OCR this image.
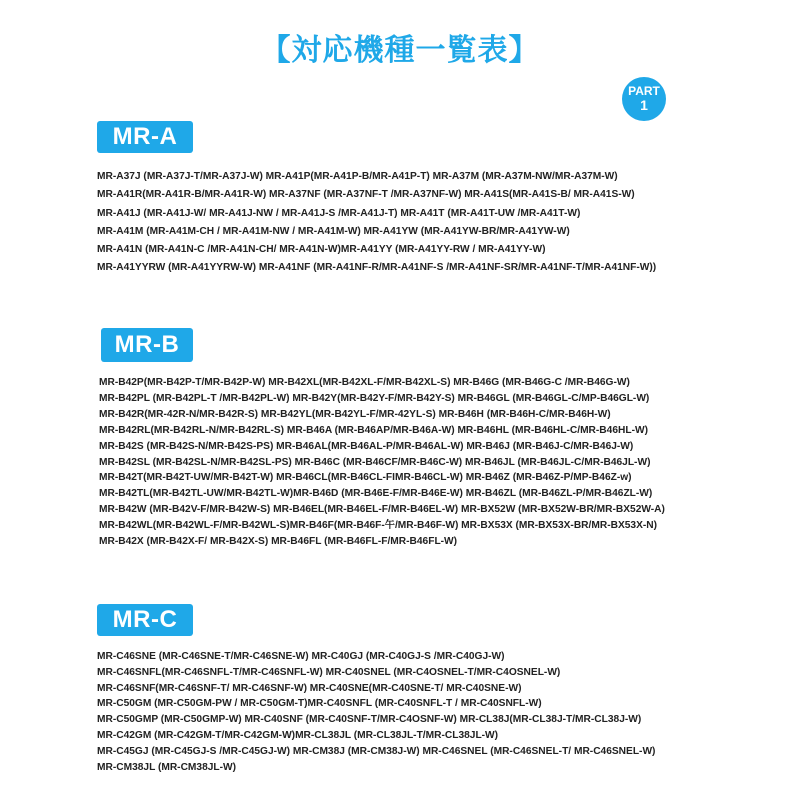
【対応機種一覧表】
PART
1
MR-A
MR-A37J (MR-A37J-T/MR-A37J-W) MR-A41P(MR-A41P-B/MR-A41P-T) MR-A37M (MR-A37M-NW/MR-A37M-W)
MR-A41R(MR-A41R-B/MR-A41R-W) MR-A37NF (MR-A37NF-T /MR-A37NF-W) MR-A41S(MR-A41S-B/ MR-A41S-W)
MR-A41J (MR-A41J-W/ MR-A41J-NW / MR-A41J-S /MR-A41J-T) MR-A41T (MR-A41T-UW /MR-A41T-W)
MR-A41M (MR-A41M-CH / MR-A41M-NW / MR-A41M-W) MR-A41YW (MR-A41YW-BR/MR-A41YW-W)
MR-A41N (MR-A41N-C /MR-A41N-CH/ MR-A41N-W)MR-A41YY (MR-A41YY-RW / MR-A41YY-W)
MR-A41YYRW (MR-A41YYRW-W) MR-A41NF (MR-A41NF-R/MR-A41NF-S /MR-A41NF-SR/MR-A41NF-T/MR-A41NF-W))
MR-B
MR-B42P(MR-B42P-T/MR-B42P-W) MR-B42XL(MR-B42XL-F/MR-B42XL-S) MR-B46G (MR-B46G-C /MR-B46G-W)
MR-B42PL (MR-B42PL-T /MR-B42PL-W) MR-B42Y(MR-B42Y-F/MR-B42Y-S) MR-B46GL (MR-B46GL-C/MP-B46GL-W)
MR-B42R(MR-42R-N/MR-B42R-S) MR-B42YL(MR-B42YL-F/MR-42YL-S) MR-B46H (MR-B46H-C/MR-B46H-W)
MR-B42RL(MR-B42RL-N/MR-B42RL-S) MR-B46A (MR-B46AP/MR-B46A-W) MR-B46HL (MR-B46HL-C/MR-B46HL-W)
MR-B42S (MR-B42S-N/MR-B42S-PS) MR-B46AL(MR-B46AL-P/MR-B46AL-W) MR-B46J (MR-B46J-C/MR-B46J-W)
MR-B42SL (MR-B42SL-N/MR-B42SL-PS) MR-B46C (MR-B46CF/MR-B46C-W) MR-B46JL (MR-B46JL-C/MR-B46JL-W)
MR-B42T(MR-B42T-UW/MR-B42T-W) MR-B46CL(MR-B46CL-FIMR-B46CL-W) MR-B46Z (MR-B46Z-P/MP-B46Z-w)
MR-B42TL(MR-B42TL-UW/MR-B42TL-W)MR-B46D (MR-B46E-F/MR-B46E-W) MR-B46ZL (MR-B46ZL-P/MR-B46ZL-W)
MR-B42W (MR-B42V-F/MR-B42W-S) MR-B46EL(MR-B46EL-F/MR-B46EL-W) MR-BX52W (MR-BX52W-BR/MR-BX52W-A)
MR-B42WL(MR-B42WL-F/MR-B42WL-S)MR-B46F(MR-B46F-午/MR-B46F-W) MR-BX53X (MR-BX53X-BR/MR-BX53X-N)
MR-B42X (MR-B42X-F/ MR-B42X-S) MR-B46FL (MR-B46FL-F/MR-B46FL-W)
MR-C
MR-C46SNE (MR-C46SNE-T/MR-C46SNE-W) MR-C40GJ (MR-C40GJ-S /MR-C40GJ-W)
MR-C46SNFL(MR-C46SNFL-T/MR-C46SNFL-W) MR-C40SNEL (MR-C4OSNEL-T/MR-C4OSNEL-W)
MR-C46SNF(MR-C46SNF-T/ MR-C46SNF-W) MR-C40SNE(MR-C40SNE-T/ MR-C40SNE-W)
MR-C50GM (MR-C50GM-PW / MR-C50GM-T)MR-C40SNFL (MR-C40SNFL-T / MR-C40SNFL-W)
MR-C50GMP (MR-C50GMP-W) MR-C40SNF (MR-C40SNF-T/MR-C4OSNF-W) MR-CL38J(MR-CL38J-T/MR-CL38J-W)
MR-C42GM (MR-C42GM-T/MR-C42GM-W)MR-CL38JL (MR-CL38JL-T/MR-CL38JL-W)
MR-C45GJ (MR-C45GJ-S /MR-C45GJ-W) MR-CM38J (MR-CM38J-W) MR-C46SNEL (MR-C46SNEL-T/ MR-C46SNEL-W)
MR-CM38JL (MR-CM38JL-W)
